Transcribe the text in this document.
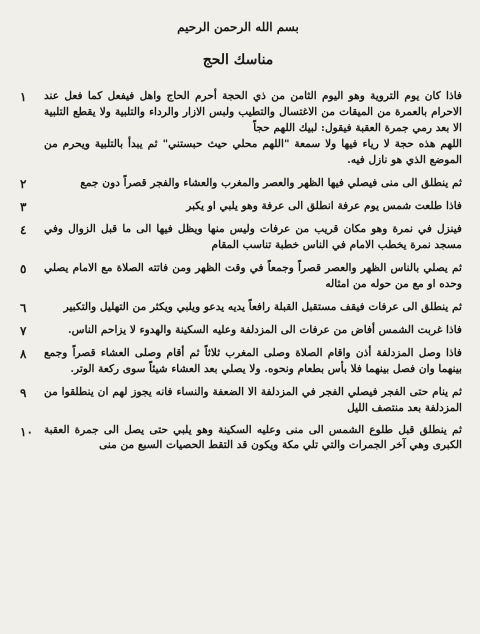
بسم الله الرحمن الرحيم
مناسك الحج
١	فاذا كان يوم التروية وهو اليوم الثامن من ذي الحجة أحرم الحاج واهل فيفعل كما فعل عند الاحرام بالعمرة من الميقات من الاغتسال والتطيب ولبس الازار والرداء والتلبية ولا يقطع التلبية الا بعد رمي جمرة العقبة فيقول: لبيك اللهم حجاً
اللهم هذه حجة لا رياء فيها ولا سمعة "اللهم محلي حيث حبستني" ثم يبدأ بالتلبية ويحرم من الموضع الذي هو نازل فيه.
٢	ثم ينطلق الى منى فيصلي فيها الظهر والعصر والمغرب والعشاء والفجر قصراً دون جمع
٣	فاذا طلعت شمس يوم عرفة انطلق الى عرفة وهو يلبي او يكبر
٤	فينزل في نمرة وهو مكان قريب من عرفات وليس منها ويظل فيها الى ما قبل الزوال وفي مسجد نمرة يخطب الامام في الناس خطبة تناسب المقام
٥	ثم يصلي بالناس الظهر والعصر قصراً وجمعاً في وقت الظهر ومن فاتته الصلاة مع الامام يصلي وحده او مع من حوله من امثاله
٦	ثم ينطلق الى عرفات فيقف مستقبل القبلة رافعاً يديه يدعو ويلبي ويكثر من التهليل والتكبير
٧	فاذا غربت الشمس أفاض من عرفات الى المزدلفة وعليه السكينة والهدوء لا يزاحم الناس.
٨	فاذا وصل المزدلفة أذن واقام الصلاة وصلى المغرب ثلاثاً ثم أقام وصلى العشاء قصراً وجمع بينهما وان فصل بينهما فلا بأس بطعام ونحوه. ولا يصلي بعد العشاء شيئاً سوى ركعة الوتر.
٩	ثم ينام حتى الفجر فيصلي الفجر في المزدلفة الا الضعفة والنساء فانه يجوز لهم ان ينطلقوا من المزدلفة بعد منتصف الليل
١٠	ثم ينطلق قبل طلوع الشمس الى منى وعليه السكينة وهو يلبي حتى يصل الى جمرة العقبة الكبرى وهي آخر الجمرات والتي تلي مكة ويكون قد التقط الحصيات السبع من منى
